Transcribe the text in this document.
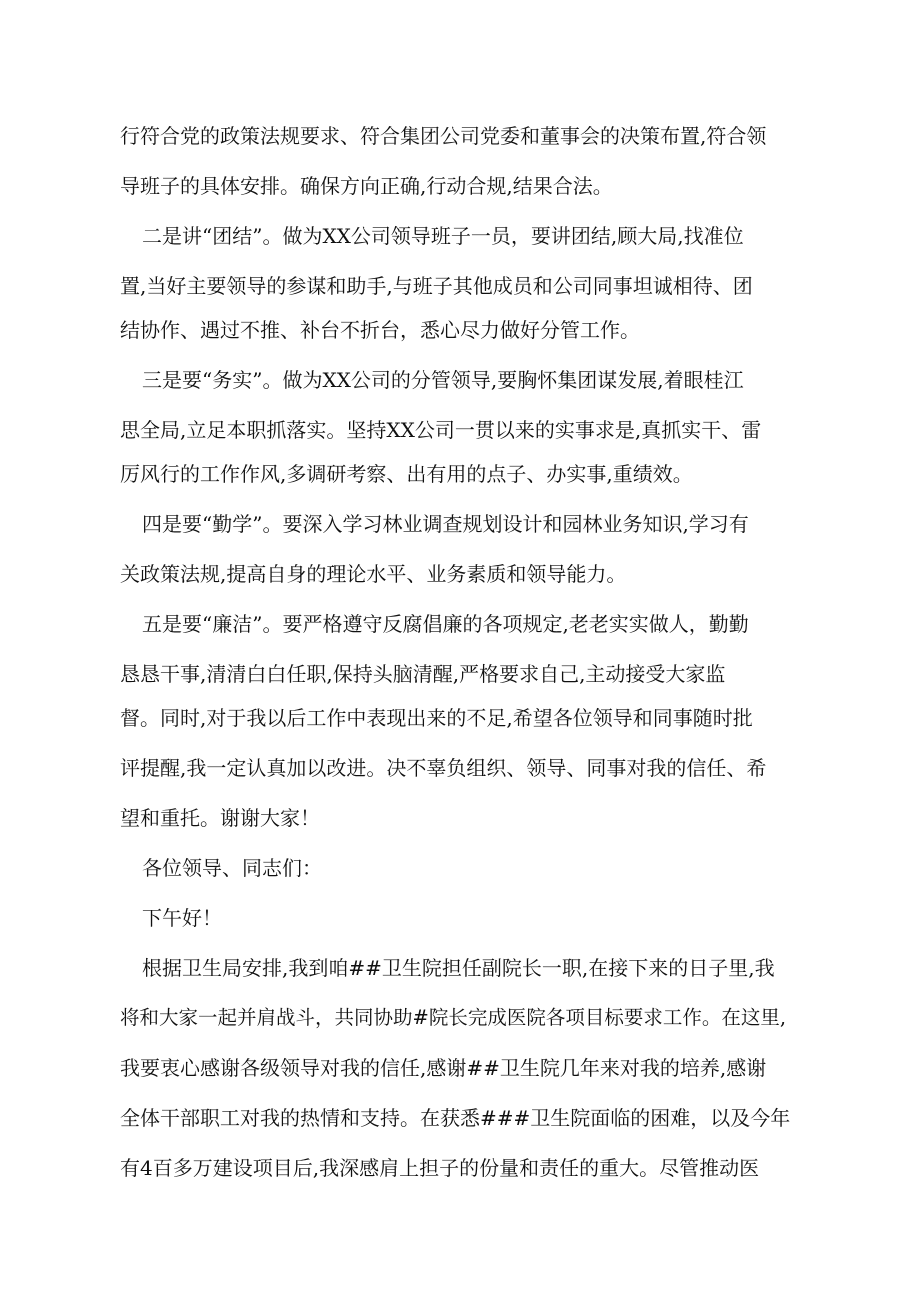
行符合党的政策法规要求、符合集团公司党委和董事会的决策布置,符合领
导班子的具体安排。确保方向正确,行动合规,结果合法。
二是讲“团结”。做为XX公司领导班子一员，要讲团结,顾大局,找准位
置,当好主要领导的参谋和助手,与班子其他成员和公司同事坦诚相待、团
结协作、遇过不推、补台不折台，悉心尽力做好分管工作。
三是要“务实”。做为XX公司的分管领导,要胸怀集团谋发展,着眼桂江
思全局,立足本职抓落实。坚持XX公司一贯以来的实事求是,真抓实干、雷
厉风行的工作作风,多调研考察、出有用的点子、办实事,重绩效。
四是要“勤学”。要深入学习林业调查规划设计和园林业务知识,学习有
关政策法规,提高自身的理论水平、业务素质和领导能力。
五是要“廉洁”。要严格遵守反腐倡廉的各项规定,老老实实做人，勤勤
恳恳干事,清清白白任职,保持头脑清醒,严格要求自己,主动接受大家监
督。同时,对于我以后工作中表现出来的不足,希望各位领导和同事随时批
评提醒,我一定认真加以改进。决不辜负组织、领导、同事对我的信任、希
望和重托。谢谢大家！
各位领导、同志们：
下午好！
根据卫生局安排,我到咱##卫生院担任副院长一职,在接下来的日子里,我
将和大家一起并肩战斗，共同协助#院长完成医院各项目标要求工作。在这里,
我要衷心感谢各级领导对我的信任,感谢##卫生院几年来对我的培养,感谢
全体干部职工对我的热情和支持。在获悉###卫生院面临的困难，以及今年
有4百多万建设项目后,我深感肩上担子的份量和责任的重大。尽管推动医
